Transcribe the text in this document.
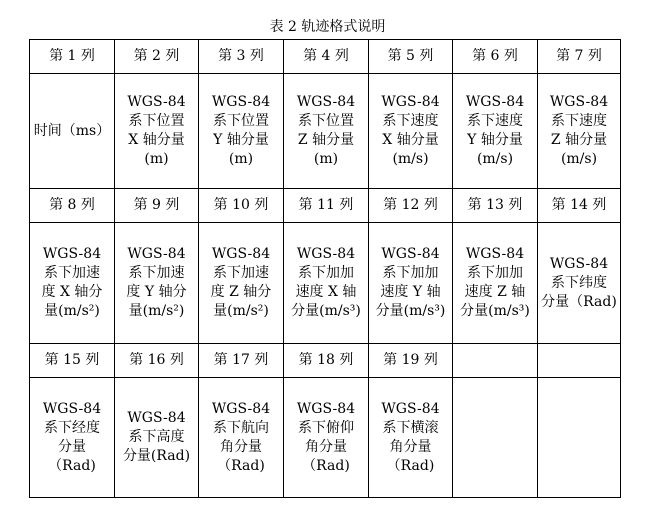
表 2 轨迹格式说明
第 1 列	第 2 列	第 3 列	第 4 列	第 5 列	第 6 列	第 7 列

时间（ms）	WGS-84
系下位置
X 轴分量
(m)	WGS-84
系下位置
Y 轴分量
(m)	WGS-84
系下位置
Z 轴分量
(m)	WGS-84
系下速度
X 轴分量
(m/s)	WGS-84
系下速度
Y 轴分量
(m/s)	WGS-84
系下速度
Z 轴分量
(m/s)

第 8 列	第 9 列	第 10 列	第 11 列	第 12 列	第 13 列	第 14 列

WGS-84
系下加速
度 X 轴分
量(m/s²)	WGS-84
系下加速
度 Y 轴分
量(m/s²)	WGS-84
系下加速
度 Z 轴分
量(m/s²)	WGS-84
系下加加
速度 X 轴
分量(m/s³)	WGS-84
系下加加
速度 Y 轴
分量(m/s³)	WGS-84
系下加加
速度 Z 轴
分量(m/s³)	WGS-84
系下纬度
分量（Rad)

第 15 列	第 16 列	第 17 列	第 18 列	第 19 列		

WGS-84
系下经度
分量
（Rad)	WGS-84
系下高度
分量(Rad)	WGS-84
系下航向
角分量
（Rad)	WGS-84
系下俯仰
角分量
（Rad)	WGS-84
系下横滚
角分量
（Rad)		
